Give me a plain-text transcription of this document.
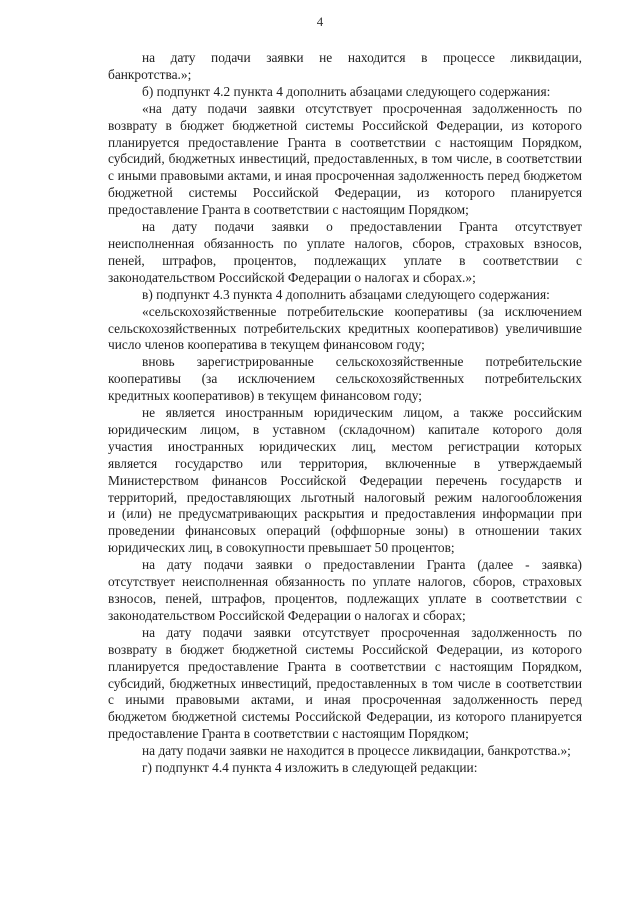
4
на дату подачи заявки не находится в процессе ликвидации,
банкротства.»;
б) подпункт 4.2 пункта 4 дополнить абзацами следующего содержания:
«на дату подачи заявки отсутствует просроченная задолженность по
возврату в бюджет бюджетной системы Российской Федерации, из которого
планируется предоставление Гранта в соответствии с настоящим Порядком,
субсидий, бюджетных инвестиций, предоставленных, в том числе, в соответствии
с иными правовыми актами, и иная просроченная задолженность перед бюджетом
бюджетной системы Российской Федерации, из которого планируется
предоставление Гранта в соответствии с настоящим Порядком;
на дату подачи заявки о предоставлении Гранта отсутствует
неисполненная обязанность по уплате налогов, сборов, страховых взносов,
пеней, штрафов, процентов, подлежащих уплате в соответствии с
законодательством Российской Федерации о налогах и сборах.»;
в) подпункт 4.3 пункта 4 дополнить абзацами следующего содержания:
«сельскохозяйственные потребительские кооперативы (за исключением
сельскохозяйственных потребительских кредитных кооперативов) увеличившие
число членов кооператива в текущем финансовом году;
вновь зарегистрированные сельскохозяйственные потребительские
кооперативы (за исключением сельскохозяйственных потребительских
кредитных кооперативов) в текущем финансовом году;
не является иностранным юридическим лицом, а также российским
юридическим лицом, в уставном (складочном) капитале которого доля
участия иностранных юридических лиц, местом регистрации которых
является государство или территория, включенные в утверждаемый
Министерством финансов Российской Федерации перечень государств и
территорий, предоставляющих льготный налоговый режим налогообложения
и (или) не предусматривающих раскрытия и предоставления информации при
проведении финансовых операций (оффшорные зоны) в отношении таких
юридических лиц, в совокупности превышает 50 процентов;
на дату подачи заявки о предоставлении Гранта (далее - заявка)
отсутствует неисполненная обязанность по уплате налогов, сборов, страховых
взносов, пеней, штрафов, процентов, подлежащих уплате в соответствии с
законодательством Российской Федерации о налогах и сборах;
на дату подачи заявки отсутствует просроченная задолженность по
возврату в бюджет бюджетной системы Российской Федерации, из которого
планируется предоставление Гранта в соответствии с настоящим Порядком,
субсидий, бюджетных инвестиций, предоставленных в том числе в соответствии
с иными правовыми актами, и иная просроченная задолженность перед
бюджетом бюджетной системы Российской Федерации, из которого планируется
предоставление Гранта в соответствии с настоящим Порядком;
на дату подачи заявки не находится в процессе ликвидации, банкротства.»;
г) подпункт 4.4 пункта 4 изложить в следующей редакции:
